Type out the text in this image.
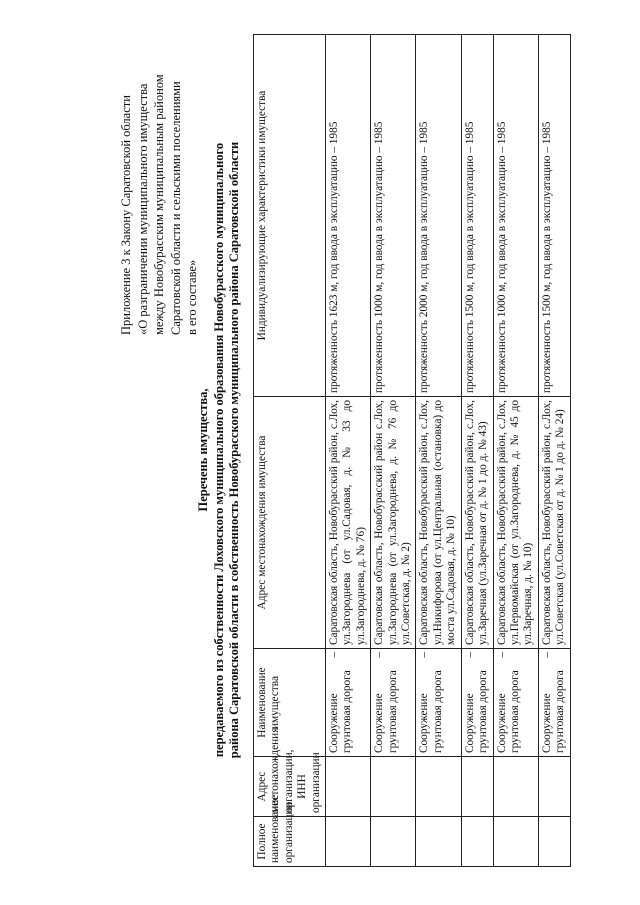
Приложение 3 к Закону Саратовской области «О разграничении муниципального имущества между Новобурасским муниципальным районом Саратовской области и сельскими поселениями в его составе»
Перечень имущества, передаваемого из собственности Лоховского муниципального образования Новобурасского муниципального района Саратовской области в собственность Новобурасского муниципального района Саратовской области
Полное наименование организации	Адрес местонахождения организации, ИНН организации	Наименование имущества	Адрес местонахождения имущества	Индивидуализирующие характеристики имущества
		Сооружение – грунтовая дорога	Саратовская область, Новобурасский район, с.Лох, ул.Загороднева (от ул.Садовая, д. № 33 до ул.Загороднева, д. № 76)	протяженность 1623 м, год ввода в эксплуатацию – 1985
		Сооружение – грунтовая дорога	Саратовская область, Новобурасский район с.Лох, ул.Загороднева (от ул.Загороднева, д. № 76 до ул.Советская, д. № 2)	протяженность 1000 м, год ввода в эксплуатацию – 1985
		Сооружение – грунтовая дорога	Саратовская область, Новобурасский район, с.Лох, ул.Никифорова (от ул.Центральная (остановка) до моста ул.Садовая, д. № 10)	протяженность 2000 м, год ввода в эксплуатацию – 1985
		Сооружение – грунтовая дорога	Саратовская область, Новобурасский район, с.Лох, ул.Заречная (ул.Заречная от д. № 1 до д. № 43)	протяженность 1500 м, год ввода в эксплуатацию – 1985
		Сооружение – грунтовая дорога	Саратовская область, Новобурасский район, с.Лох, ул.Первомайская (от ул.Загороднева, д. № 45 до ул.Заречная, д. № 10)	протяженность 1000 м, год ввода в эксплуатацию – 1985
		Сооружение – грунтовая дорога	Саратовская область, Новобурасский район, с.Лох, ул.Советская (ул.Советская от д. № 1 до д. № 24)	протяженность 1500 м, год ввода в эксплуатацию – 1985
